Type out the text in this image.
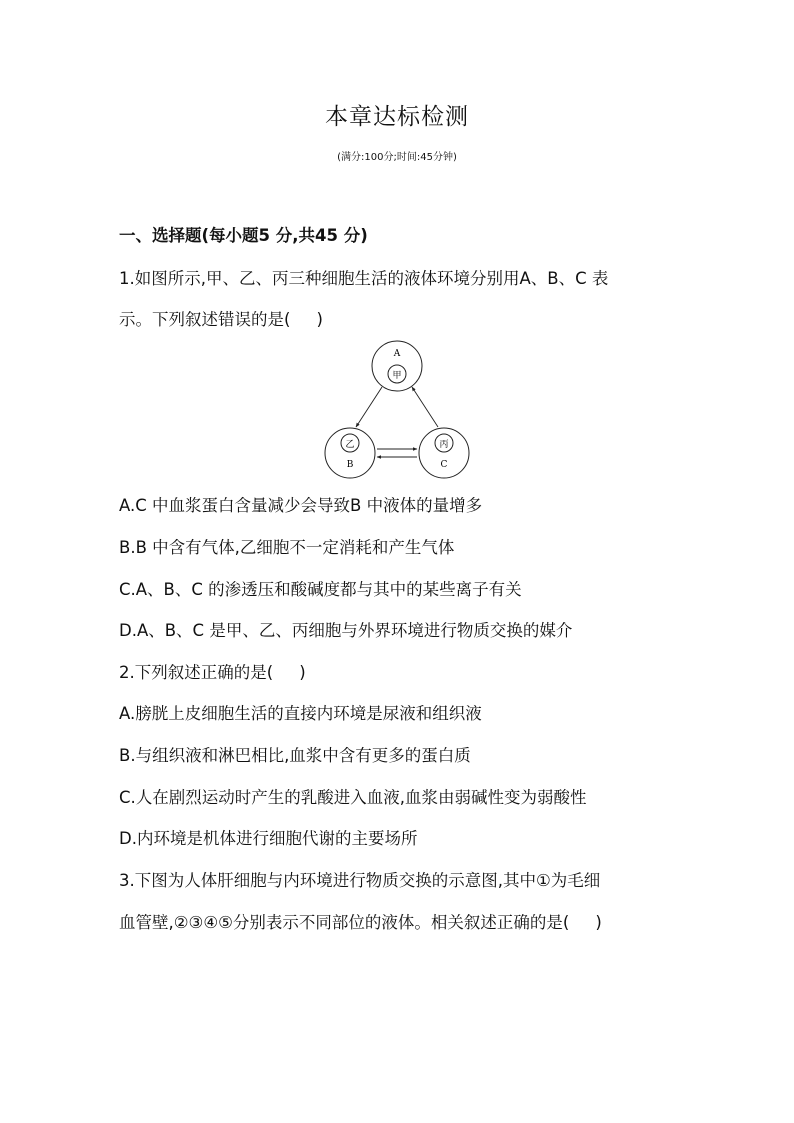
本章达标检测
(满分:100分;时间:45分钟)
一、选择题(每小题5 分,共45 分)
1.如图所示,甲、乙、丙三种细胞生活的液体环境分别用A、B、C 表
示。下列叙述错误的是( )
A
甲
乙
B
丙
C
A.C 中血浆蛋白含量减少会导致B 中液体的量增多
B.B 中含有气体,乙细胞不一定消耗和产生气体
C.A、B、C 的渗透压和酸碱度都与其中的某些离子有关
D.A、B、C 是甲、乙、丙细胞与外界环境进行物质交换的媒介
2.下列叙述正确的是( )
A.膀胱上皮细胞生活的直接内环境是尿液和组织液
B.与组织液和淋巴相比,血浆中含有更多的蛋白质
C.人在剧烈运动时产生的乳酸进入血液,血浆由弱碱性变为弱酸性
D.内环境是机体进行细胞代谢的主要场所
3.下图为人体肝细胞与内环境进行物质交换的示意图,其中①为毛细
血管壁,②③④⑤分别表示不同部位的液体。相关叙述正确的是( )
